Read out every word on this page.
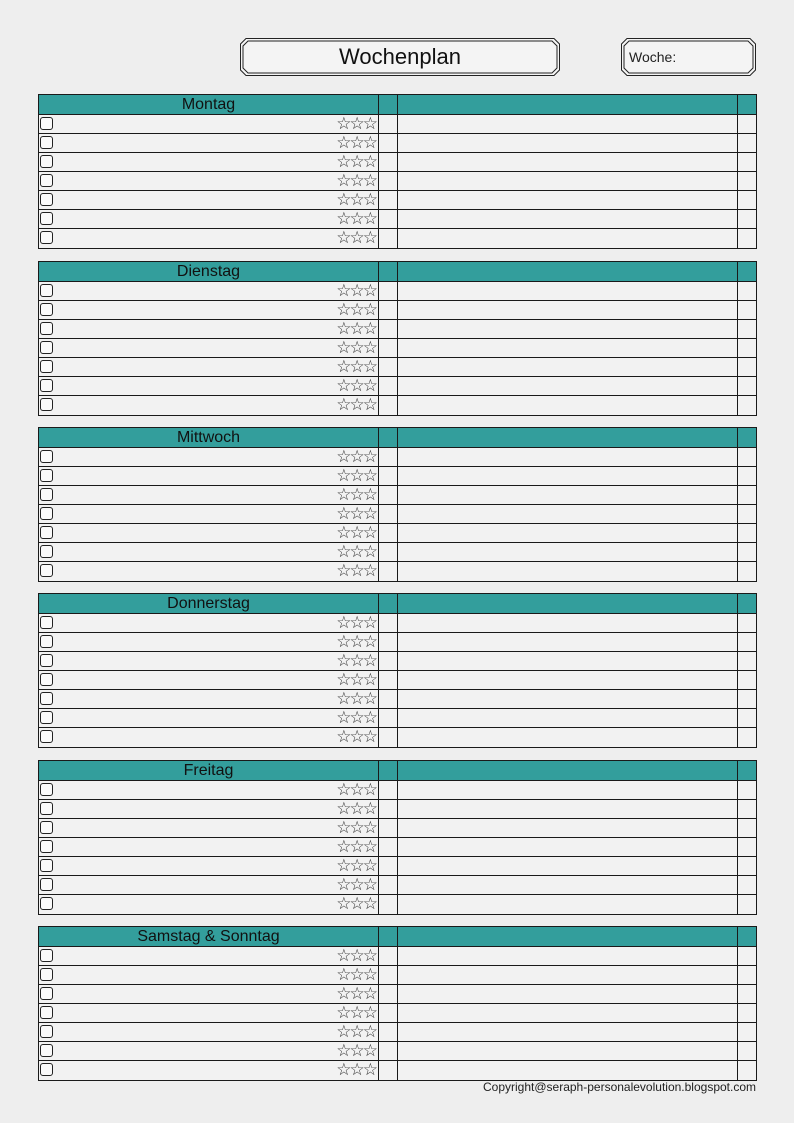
Wochenplan	Woche:
Montag
☆☆☆
☆☆☆
☆☆☆
☆☆☆
☆☆☆
☆☆☆
☆☆☆
Dienstag
☆☆☆
☆☆☆
☆☆☆
☆☆☆
☆☆☆
☆☆☆
☆☆☆
Mittwoch
☆☆☆
☆☆☆
☆☆☆
☆☆☆
☆☆☆
☆☆☆
☆☆☆
Donnerstag
☆☆☆
☆☆☆
☆☆☆
☆☆☆
☆☆☆
☆☆☆
☆☆☆
Freitag
☆☆☆
☆☆☆
☆☆☆
☆☆☆
☆☆☆
☆☆☆
☆☆☆
Samstag & Sonntag
☆☆☆
☆☆☆
☆☆☆
☆☆☆
☆☆☆
☆☆☆
☆☆☆
Copyright@seraph-personalevolution.blogspot.com
